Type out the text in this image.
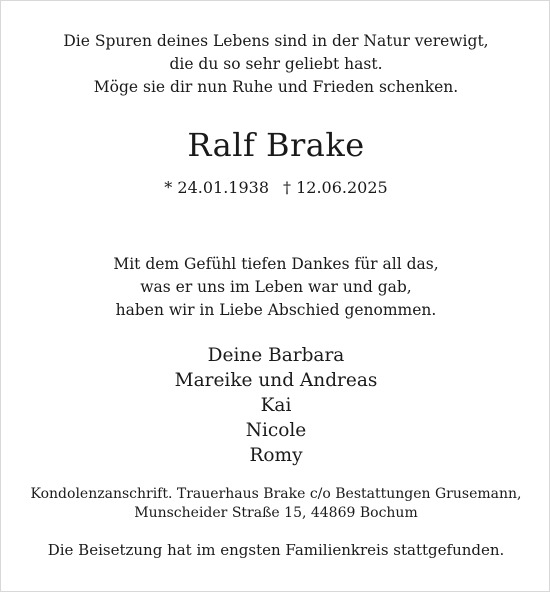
Die Spuren deines Lebens sind in der Natur verewigt,
die du so sehr geliebt hast.
Möge sie dir nun Ruhe und Frieden schenken.
Ralf Brake
* 24.01.1938 † 12.06.2025
Mit dem Gefühl tiefen Dankes für all das,
was er uns im Leben war und gab,
haben wir in Liebe Abschied genommen.
Deine Barbara
Mareike und Andreas
Kai
Nicole
Romy
Kondolenzanschrift. Trauerhaus Brake c/o Bestattungen Grusemann,
Munscheider Straße 15, 44869 Bochum
Die Beisetzung hat im engsten Familienkreis stattgefunden.
